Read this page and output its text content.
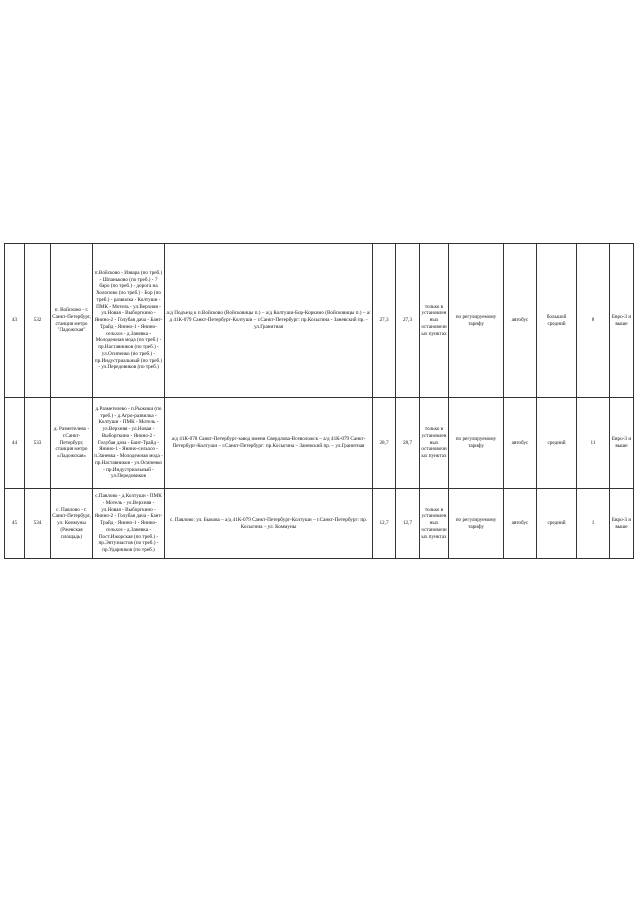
43	532	п. Войсковo - г. Санкт-Петербург, станция метро "Ладожская"	п.Войсковo - Изварa (по треб.) - Шпаньково (по треб.) - 7 барo (по треб.) - дорогa на Холоповo (по треб.) - Бор (по треб.) - развилка - Колтуши - ПМК - Мотель - ул.Верхняя - ул.Новая - Выборгкинo - Янинo-2 - Голубая дача - Бант-Трайд - Янинo-1 - Янинo-сельхоз - д.Заневка - Молодежная мода (по треб.) - пр.Наставников (по треб.) - ул.Осипенко (по треб.) - пр.Индустриальный (по треб.) - ул.Передовиков (по треб.)	а/д Подъезд к п.Войсковo (Войсковицы п.) – а/д Колтуши-Бор-Коркино (Войсковицы п.) – а/д 41К-079 Санкт-Петербург-Колтуши – г.Санкт-Петербург: пр.Косыгина - Заневский пр. - ул.Гранитная	27,3	27,3	только в установленных остановочных пунктах	по регулируемому тарифу	автобус	большой средний	8	Евро-3 и выше
44	533	д. Разметелево - г.Санкт-Петербург, станция метро «Ладожская»	д.Разметелево - п.Рыжики (по треб.) - д.Агро-развилка - Колтуши - ПМК - Мотель - ул.Верхняя - ул.Новая - Выборгкинo - Янинo-2 - Голубая дача - Бант-Трайд - Янинo-1 - Янинo-сельхоз - п.Заневка - Молодежная мода - пр.Наставников - ул.Осипенко - пр.Индустриальный - ул.Передовиков	а/д 41К-078 Санкт-Петербург-завод имени Свердлова-Всеволожск – а/д 41К-079 Санкт-Петербург-Колтуши – г.Санкт-Петербург: пр.Косыгина – Заневский пр. – ул.Гранитная	28,7	28,7	только в установленных остановочных пунктах	по регулируемому тарифу	автобус	средний	11	Евро-3 и выше
45	534	с. Павлово - г. Санкт-Петербург, ул. Коммуны (Ржевская площадь)	с.Павлово - д.Колтуши - ПМК - Мотель - ул.Верхняя - ул.Новая - Выборгкинo - Янинo-2 - Голубая дача - Бант-Трайд - Янинo-1 - Янинo-сельхоз - д.Заневка - Пост.Ижорская (по треб.) - пр.Энтузиастов (по треб.) - пр.Ударников (по треб.)	с. Павлово: ул. Быкова – а/д 41К-079 Санкт-Петербург-Колтуши – г.Санкт-Петербург: пр. Косыгина – ул. Коммуны	12,7	12,7	только в установленных остановочных пунктах	по регулируемому тарифу	автобус	средний	1	Евро-3 и выше
